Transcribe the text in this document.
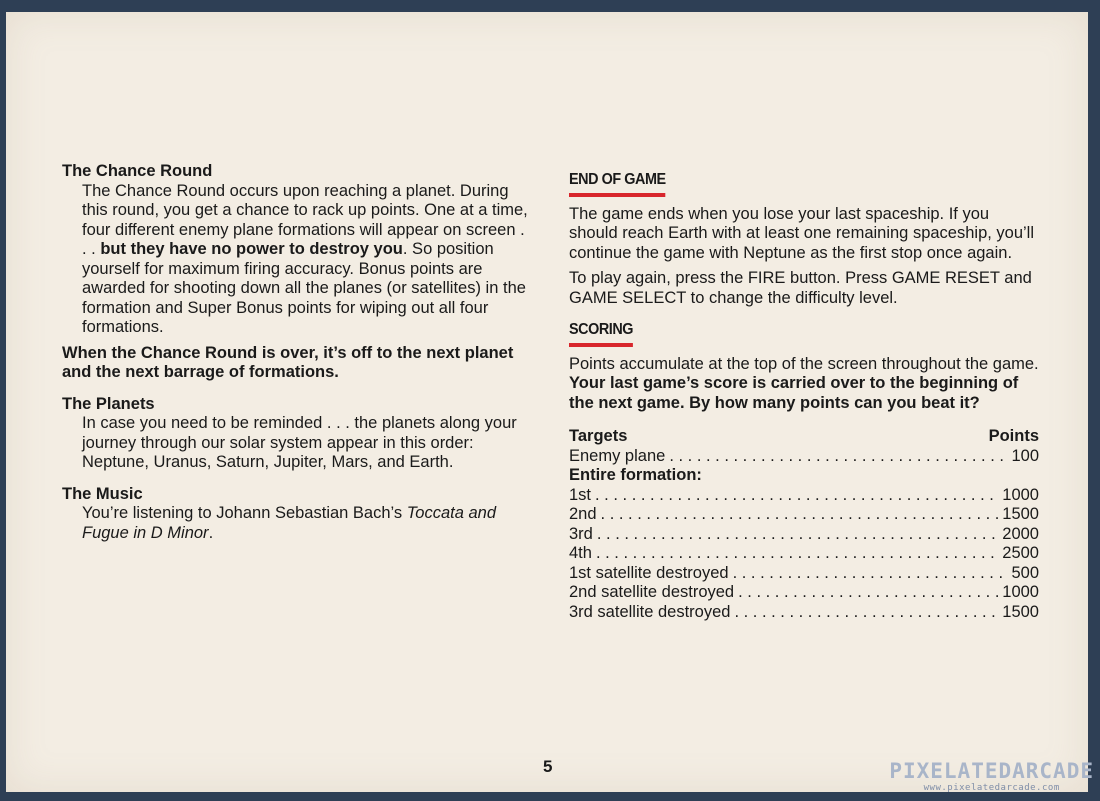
The Chance Round
The Chance Round occurs upon reaching a planet. During this round, you get a chance to rack up points. One at a time, four different enemy plane formations will appear on screen . . . but they have no power to destroy you. So position yourself for maximum firing accuracy. Bonus points are awarded for shooting down all the planes (or satellites) in the formation and Super Bonus points for wiping out all four formations.
When the Chance Round is over, it’s off to the next planet and the next barrage of formations.
The Planets
In case you need to be reminded . . . the planets along your journey through our solar system appear in this order: Neptune, Uranus, Saturn, Jupiter, Mars, and Earth.
The Music
You’re listening to Johann Sebastian Bach’s Toccata and Fugue in D Minor.
END OF GAME
The game ends when you lose your last spaceship. If you should reach Earth with at least one remaining spaceship, you’ll continue the game with Neptune as the first stop once again.
To play again, press the FIRE button. Press GAME RESET and GAME SELECT to change the difficulty level.
SCORING
Points accumulate at the top of the screen throughout the game. Your last game’s score is carried over to the beginning of the next game. By how many points can you beat it?
Targets	Points
Enemy plane . . .	100
Entire formation:
1st . . .	1000
2nd . . .	1500
3rd . . .	2000
4th . . .	2500
1st satellite destroyed . . .	500
2nd satellite destroyed . . .	1000
3rd satellite destroyed . . .	1500
5	PIXELATEDARCADE
www.pixelatedarcade.com
